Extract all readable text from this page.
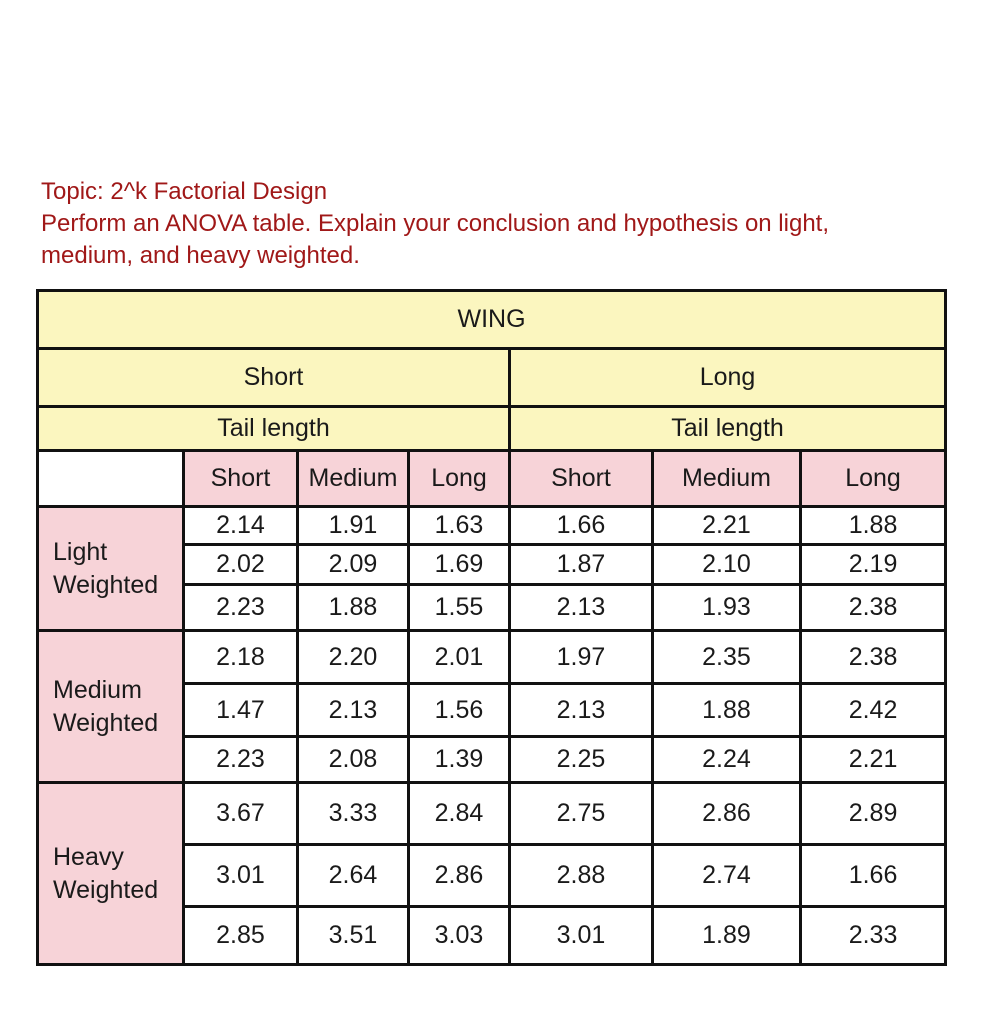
Topic: 2^k Factorial Design
Perform an ANOVA table. Explain your conclusion and hypothesis on light,
medium, and heavy weighted.
WING						
Short				Long		
Tail length				Tail length		
	Short	Medium	Long	Short	Medium	Long

Light
Weighted	2.14	1.91	1.63	1.66	2.21	1.88
	2.02	2.09	1.69	1.87	2.10	2.19
	2.23	1.88	1.55	2.13	1.93	2.38

Medium
Weighted	2.18	2.20	2.01	1.97	2.35	2.38
	1.47	2.13	1.56	2.13	1.88	2.42
	2.23	2.08	1.39	2.25	2.24	2.21

Heavy
Weighted	3.67	3.33	2.84	2.75	2.86	2.89
	3.01	2.64	2.86	2.88	2.74	1.66
	2.85	3.51	3.03	3.01	1.89	2.33
